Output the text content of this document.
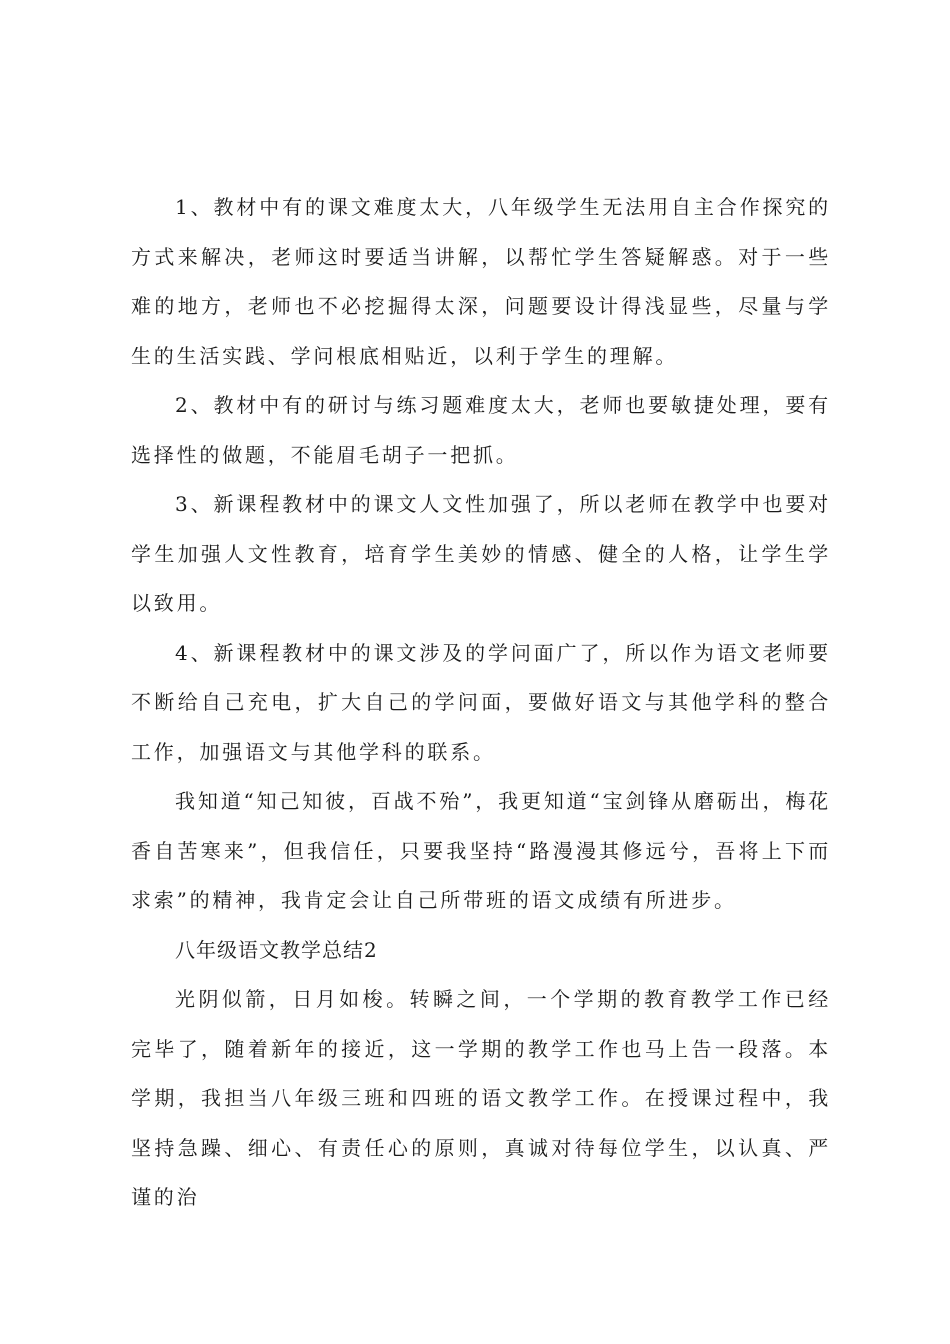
1、教材中有的课文难度太大，八年级学生无法用自主合作探究的方式来解决，老师这时要适当讲解，以帮忙学生答疑解惑。对于一些难的地方，老师也不必挖掘得太深，问题要设计得浅显些，尽量与学生的生活实践、学问根底相贴近，以利于学生的理解。

2、教材中有的研讨与练习题难度太大，老师也要敏捷处理，要有选择性的做题，不能眉毛胡子一把抓。

3、新课程教材中的课文人文性加强了，所以老师在教学中也要对学生加强人文性教育，培育学生美妙的情感、健全的人格，让学生学以致用。

4、新课程教材中的课文涉及的学问面广了，所以作为语文老师要不断给自己充电，扩大自己的学问面，要做好语文与其他学科的整合工作，加强语文与其他学科的联系。

我知道“知己知彼，百战不殆”，我更知道“宝剑锋从磨砺出，梅花香自苦寒来”，但我信任，只要我坚持“路漫漫其修远兮，吾将上下而求索”的精神，我肯定会让自己所带班的语文成绩有所进步。

八年级语文教学总结2

光阴似箭，日月如梭。转瞬之间，一个学期的教育教学工作已经完毕了，随着新年的接近，这一学期的教学工作也马上告一段落。本学期，我担当八年级三班和四班的语文教学工作。在授课过程中，我坚持急躁、细心、有责任心的原则，真诚对待每位学生，以认真、严谨的治
